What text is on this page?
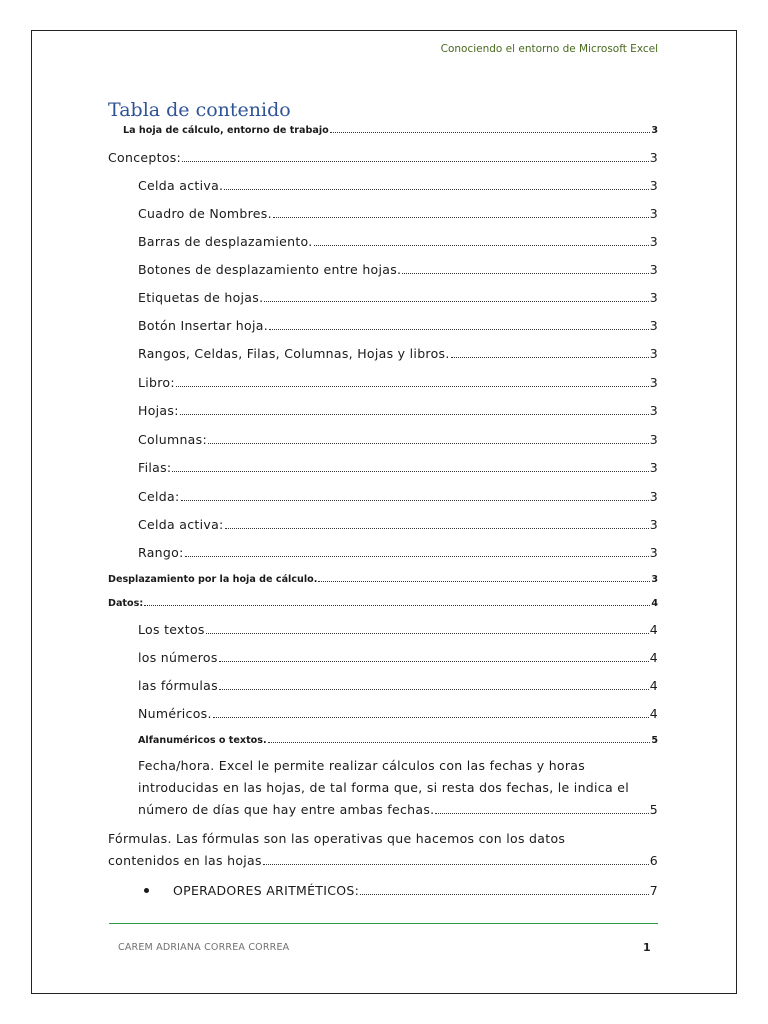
Conociendo el entorno de Microsoft Excel
Tabla de contenido
La hoja de cálculo, entorno de trabajo	3
Conceptos:	3
Celda activa.	3
Cuadro de Nombres.	3
Barras de desplazamiento.	3
Botones de desplazamiento entre hojas.	3
Etiquetas de hojas.	3
Botón Insertar hoja.	3
Rangos, Celdas, Filas, Columnas, Hojas y libros.	3
Libro:	3
Hojas:	3
Columnas:	3
Filas:	3
Celda:	3
Celda activa:	3
Rango:	3
Desplazamiento por la hoja de cálculo.	3
Datos:	4
Los textos	4
los números	4
las fórmulas	4
Numéricos.	4
Alfanuméricos o textos.	5
Fecha/hora. Excel le permite realizar cálculos con las fechas y horas
introducidas en las hojas, de tal forma que, si resta dos fechas, le indica el
número de días que hay entre ambas fechas.	5
Fórmulas. Las fórmulas son las operativas que hacemos con los datos
contenidos en las hojas	6
OPERADORES ARITMÉTICOS:	7
CAREM ADRIANA CORREA CORREA	1
